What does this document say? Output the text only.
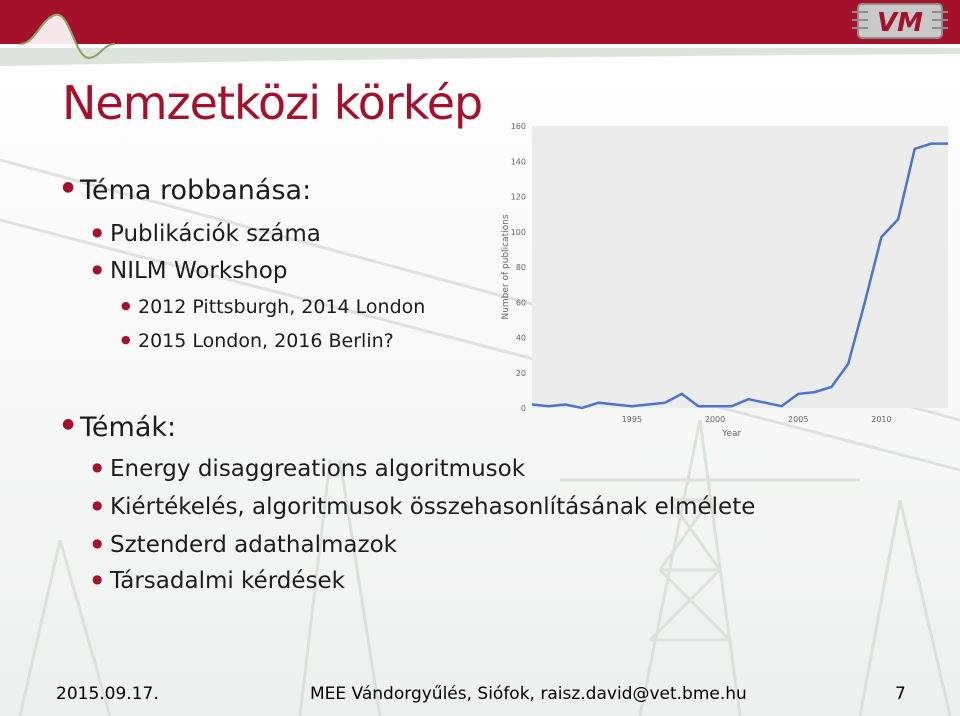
VM
Nemzetközi körkép
● Téma robbanása:
● Publikációk száma
● NILM Workshop
● 2012 Pittsburgh, 2014 London
● 2015 London, 2016 Berlin?
● Témák:
● Energy disaggreations algoritmusok
● Kiértékelés, algoritmusok összehasonlításának elmélete
● Sztenderd adathalmazok
● Társadalmi kérdések
0
20
40
60
80
100
120
140
160
1995	2000	2005	2010
Number of publications
Year
2015.09.17.	MEE Vándorgyűlés, Siófok, raisz.david@vet.bme.hu	7
